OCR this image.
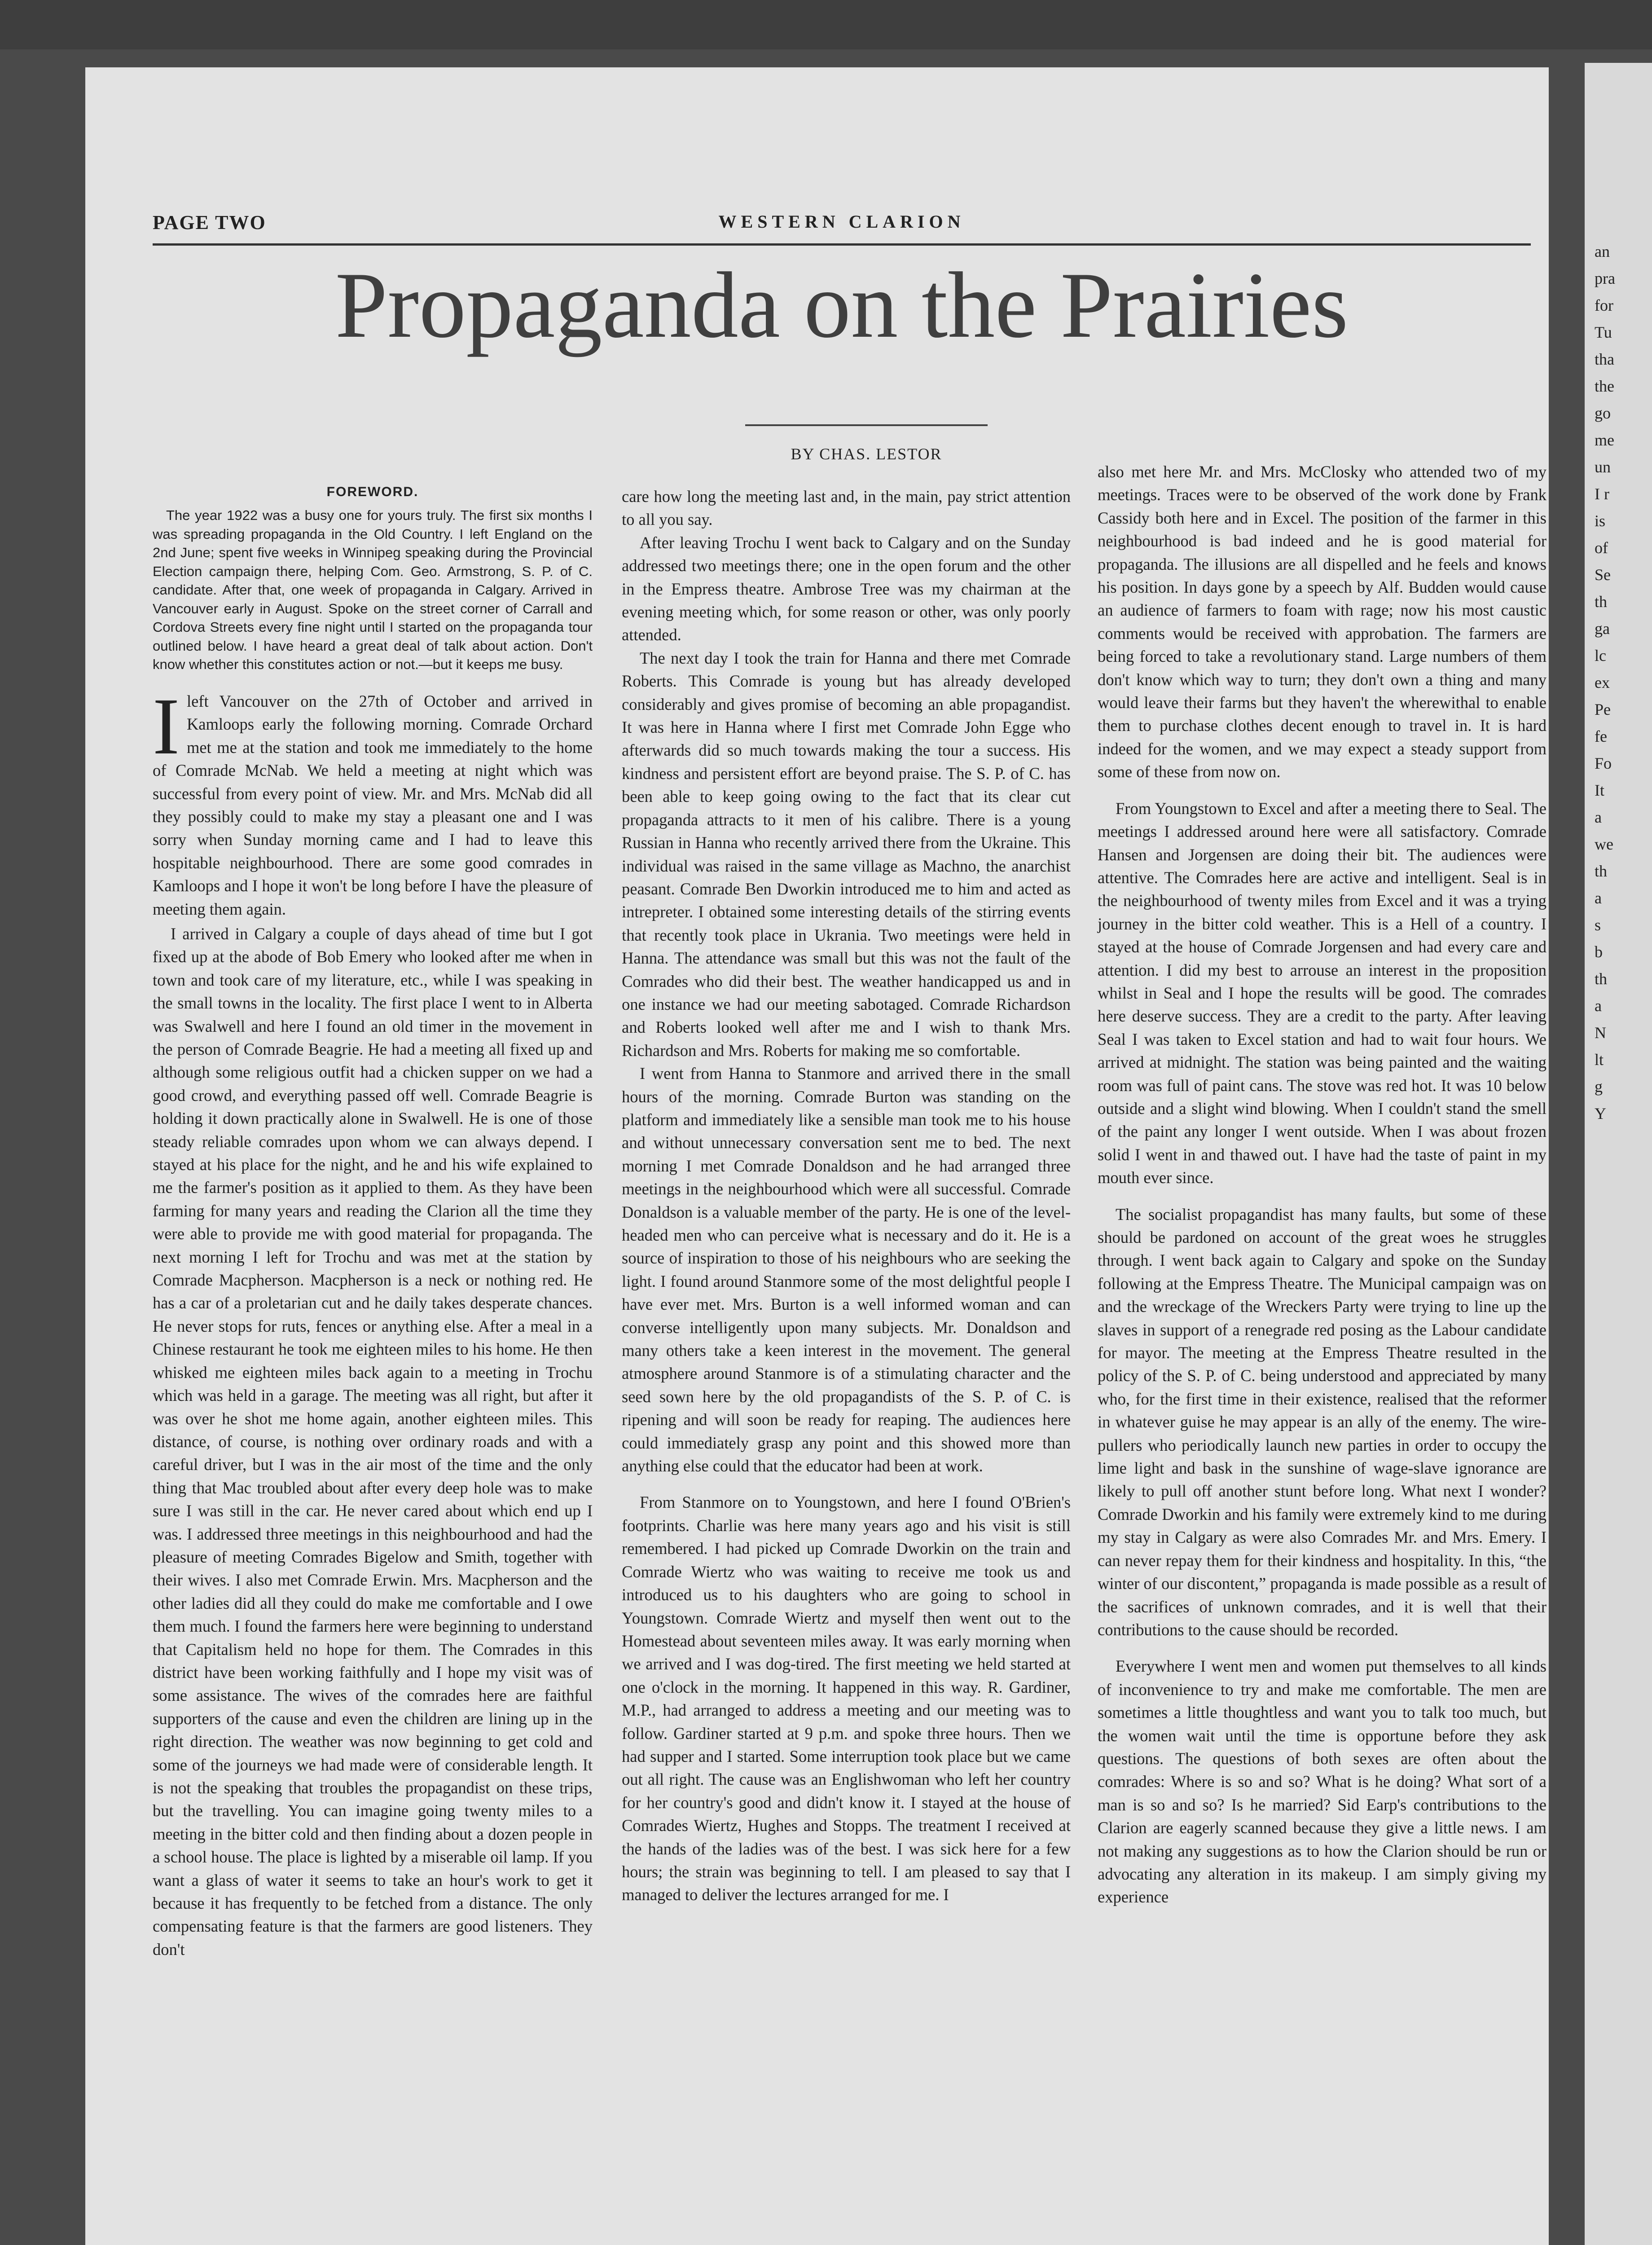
an
pra
for
Tu
tha
the
go
me
un
I r
is
of
Se
th
ga
lc
ex
Pe
fe
Fo
It
a
we
th
a
s
b
th
a
N
lt
g
Y
PAGE TWO	WESTERN CLARION
Propaganda on the Prairies
BY CHAS. LESTOR
FOREWORD.

The year 1922 was a busy one for yours truly. The first six months I was spreading propaganda in the Old Country. I left England on the 2nd June; spent five weeks in Winnipeg speaking during the Provincial Election campaign there, helping Com. Geo. Armstrong, S. P. of C. candidate. After that, one week of propaganda in Calgary. Arrived in Vancouver early in August. Spoke on the street corner of Carrall and Cordova Streets every fine night until I started on the propaganda tour outlined below. I have heard a great deal of talk about action. Don't know whether this constitutes action or not.—but it keeps me busy.

Ileft Vancouver on the 27th of October and arrived in Kamloops early the following morning. Comrade Orchard met me at the station and took me immediately to the home of Comrade McNab. We held a meeting at night which was successful from every point of view. Mr. and Mrs. McNab did all they possibly could to make my stay a pleasant one and I was sorry when Sunday morning came and I had to leave this hospitable neighbourhood. There are some good comrades in Kamloops and I hope it won't be long before I have the pleasure of meeting them again.

I arrived in Calgary a couple of days ahead of time but I got fixed up at the abode of Bob Emery who looked after me when in town and took care of my literature, etc., while I was speaking in the small towns in the locality. The first place I went to in Alberta was Swalwell and here I found an old timer in the movement in the person of Comrade Beagrie. He had a meeting all fixed up and although some religious outfit had a chicken supper on we had a good crowd, and everything passed off well. Comrade Beagrie is holding it down practically alone in Swalwell. He is one of those steady reliable comrades upon whom we can always depend. I stayed at his place for the night, and he and his wife explained to me the farmer's position as it applied to them. As they have been farming for many years and reading the Clarion all the time they were able to provide me with good material for propaganda. The next morning I left for Trochu and was met at the station by Comrade Macpherson. Macpherson is a neck or nothing red. He has a car of a proletarian cut and he daily takes desperate chances. He never stops for ruts, fences or anything else. After a meal in a Chinese restaurant he took me eighteen miles to his home. He then whisked me eighteen miles back again to a meeting in Trochu which was held in a garage. The meeting was all right, but after it was over he shot me home again, another eighteen miles. This distance, of course, is nothing over ordinary roads and with a careful driver, but I was in the air most of the time and the only thing that Mac troubled about after every deep hole was to make sure I was still in the car. He never cared about which end up I was. I addressed three meetings in this neighbourhood and had the pleasure of meeting Comrades Bigelow and Smith, together with their wives. I also met Comrade Erwin. Mrs. Macpherson and the other ladies did all they could do make me comfortable and I owe them much. I found the farmers here were beginning to understand that Capitalism held no hope for them. The Comrades in this district have been working faithfully and I hope my visit was of some assistance. The wives of the comrades here are faithful supporters of the cause and even the children are lining up in the right direction. The weather was now beginning to get cold and some of the journeys we had made were of considerable length. It is not the speaking that troubles the propagandist on these trips, but the travelling. You can imagine going twenty miles to a meeting in the bitter cold and then finding about a dozen people in a school house. The place is lighted by a miserable oil lamp. If you want a glass of water it seems to take an hour's work to get it because it has frequently to be fetched from a distance. The only compensating feature is that the farmers are good listeners. They don't

care how long the meeting last and, in the main, pay strict attention to all you say.

After leaving Trochu I went back to Calgary and on the Sunday addressed two meetings there; one in the open forum and the other in the Empress theatre. Ambrose Tree was my chairman at the evening meeting which, for some reason or other, was only poorly attended.

The next day I took the train for Hanna and there met Comrade Roberts. This Comrade is young but has already developed considerably and gives promise of becoming an able propagandist. It was here in Hanna where I first met Comrade John Egge who afterwards did so much towards making the tour a success. His kindness and persistent effort are beyond praise. The S. P. of C. has been able to keep going owing to the fact that its clear cut propaganda attracts to it men of his calibre. There is a young Russian in Hanna who recently arrived there from the Ukraine. This individual was raised in the same village as Machno, the anarchist peasant. Comrade Ben Dworkin introduced me to him and acted as intrepreter. I obtained some interesting details of the stirring events that recently took place in Ukrania. Two meetings were held in Hanna. The attendance was small but this was not the fault of the Comrades who did their best. The weather handicapped us and in one instance we had our meeting sabotaged. Comrade Richardson and Roberts looked well after me and I wish to thank Mrs. Richardson and Mrs. Roberts for making me so comfortable.

I went from Hanna to Stanmore and arrived there in the small hours of the morning. Comrade Burton was standing on the platform and immediately like a sensible man took me to his house and without unnecessary conversation sent me to bed. The next morning I met Comrade Donaldson and he had arranged three meetings in the neighbourhood which were all successful. Comrade Donaldson is a valuable member of the party. He is one of the level-headed men who can perceive what is necessary and do it. He is a source of inspiration to those of his neighbours who are seeking the light. I found around Stanmore some of the most delightful people I have ever met. Mrs. Burton is a well informed woman and can converse intelligently upon many subjects. Mr. Donaldson and many others take a keen interest in the movement. The general atmosphere around Stanmore is of a stimulating character and the seed sown here by the old propagandists of the S. P. of C. is ripening and will soon be ready for reaping. The audiences here could immediately grasp any point and this showed more than anything else could that the educator had been at work.

From Stanmore on to Youngstown, and here I found O'Brien's footprints. Charlie was here many years ago and his visit is still remembered. I had picked up Comrade Dworkin on the train and Comrade Wiertz who was waiting to receive me took us and introduced us to his daughters who are going to school in Youngstown. Comrade Wiertz and myself then went out to the Homestead about seventeen miles away. It was early morning when we arrived and I was dog-tired. The first meeting we held started at one o'clock in the morning. It happened in this way. R. Gardiner, M.P., had arranged to address a meeting and our meeting was to follow. Gardiner started at 9 p.m. and spoke three hours. Then we had supper and I started. Some interruption took place but we came out all right. The cause was an Englishwoman who left her country for her country's good and didn't know it. I stayed at the house of Comrades Wiertz, Hughes and Stopps. The treatment I received at the hands of the ladies was of the best. I was sick here for a few hours; the strain was beginning to tell. I am pleased to say that I managed to deliver the lectures arranged for me. I

also met here Mr. and Mrs. McClosky who attended two of my meetings. Traces were to be observed of the work done by Frank Cassidy both here and in Excel. The position of the farmer in this neighbourhood is bad indeed and he is good material for propaganda. The illusions are all dispelled and he feels and knows his position. In days gone by a speech by Alf. Budden would cause an audience of farmers to foam with rage; now his most caustic comments would be received with approbation. The farmers are being forced to take a revolutionary stand. Large numbers of them don't know which way to turn; they don't own a thing and many would leave their farms but they haven't the wherewithal to enable them to purchase clothes decent enough to travel in. It is hard indeed for the women, and we may expect a steady support from some of these from now on.

From Youngstown to Excel and after a meeting there to Seal. The meetings I addressed around here were all satisfactory. Comrade Hansen and Jorgensen are doing their bit. The audiences were attentive. The Comrades here are active and intelligent. Seal is in the neighbourhood of twenty miles from Excel and it was a trying journey in the bitter cold weather. This is a Hell of a country. I stayed at the house of Comrade Jorgensen and had every care and attention. I did my best to arrouse an interest in the proposition whilst in Seal and I hope the results will be good. The comrades here deserve success. They are a credit to the party. After leaving Seal I was taken to Excel station and had to wait four hours. We arrived at midnight. The station was being painted and the waiting room was full of paint cans. The stove was red hot. It was 10 below outside and a slight wind blowing. When I couldn't stand the smell of the paint any longer I went outside. When I was about frozen solid I went in and thawed out. I have had the taste of paint in my mouth ever since.

The socialist propagandist has many faults, but some of these should be pardoned on account of the great woes he struggles through. I went back again to Calgary and spoke on the Sunday following at the Empress Theatre. The Municipal campaign was on and the wreckage of the Wreckers Party were trying to line up the slaves in support of a renegrade red posing as the Labour candidate for mayor. The meeting at the Empress Theatre resulted in the policy of the S. P. of C. being understood and appreciated by many who, for the first time in their existence, realised that the reformer in whatever guise he may appear is an ally of the enemy. The wire-pullers who periodically launch new parties in order to occupy the lime light and bask in the sunshine of wage-slave ignorance are likely to pull off another stunt before long. What next I wonder? Comrade Dworkin and his family were extremely kind to me during my stay in Calgary as were also Comrades Mr. and Mrs. Emery. I can never repay them for their kindness and hospitality. In this, “the winter of our discontent,” propaganda is made possible as a result of the sacrifices of unknown comrades, and it is well that their contributions to the cause should be recorded.

Everywhere I went men and women put themselves to all kinds of inconvenience to try and make me comfortable. The men are sometimes a little thoughtless and want you to talk too much, but the women wait until the time is opportune before they ask questions. The questions of both sexes are often about the comrades: Where is so and so? What is he doing? What sort of a man is so and so? Is he married? Sid Earp's contributions to the Clarion are eagerly scanned because they give a little news. I am not making any suggestions as to how the Clarion should be run or advocating any alteration in its makeup. I am simply giving my experience
